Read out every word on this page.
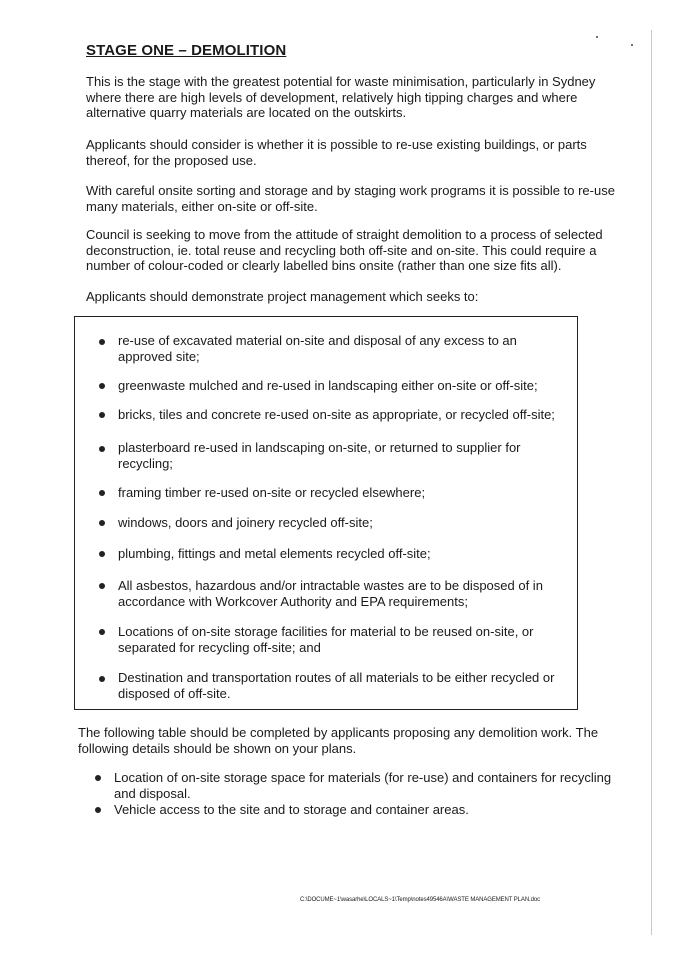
STAGE ONE – DEMOLITION
This is the stage with the greatest potential for waste minimisation, particularly in Sydney where there are high levels of development, relatively high tipping charges and where alternative quarry materials are located on the outskirts.
Applicants should consider is whether it is possible to re-use existing buildings, or parts thereof, for the proposed use.
With careful onsite sorting and storage and by staging work programs it is possible to re-use many materials, either on-site or off-site.
Council is seeking to move from the attitude of straight demolition to a process of selected deconstruction, ie. total reuse and recycling both off-site and on-site. This could require a number of colour-coded or clearly labelled bins onsite (rather than one size fits all).
Applicants should demonstrate project management which seeks to:
re-use of excavated material on-site and disposal of any excess to an approved site;
greenwaste mulched and re-used in landscaping either on-site or off-site;
bricks, tiles and concrete re-used on-site as appropriate, or recycled off-site;
plasterboard re-used in landscaping on-site, or returned to supplier for recycling;
framing timber re-used on-site or recycled elsewhere;
windows, doors and joinery recycled off-site;
plumbing, fittings and metal elements recycled off-site;
All asbestos, hazardous and/or intractable wastes are to be disposed of in accordance with Workcover Authority and EPA requirements;
Locations of on-site storage facilities for material to be reused on-site, or separated for recycling off-site; and
Destination and transportation routes of all materials to be either recycled or disposed of off-site.
The following table should be completed by applicants proposing any demolition work. The following details should be shown on your plans.
Location of on-site storage space for materials (for re-use) and containers for recycling and disposal.
Vehicle access to the site and to storage and container areas.
C:\DOCUME~1\wasarhe\LOCALS~1\Temp\notes49546A\WASTE MANAGEMENT PLAN.doc
